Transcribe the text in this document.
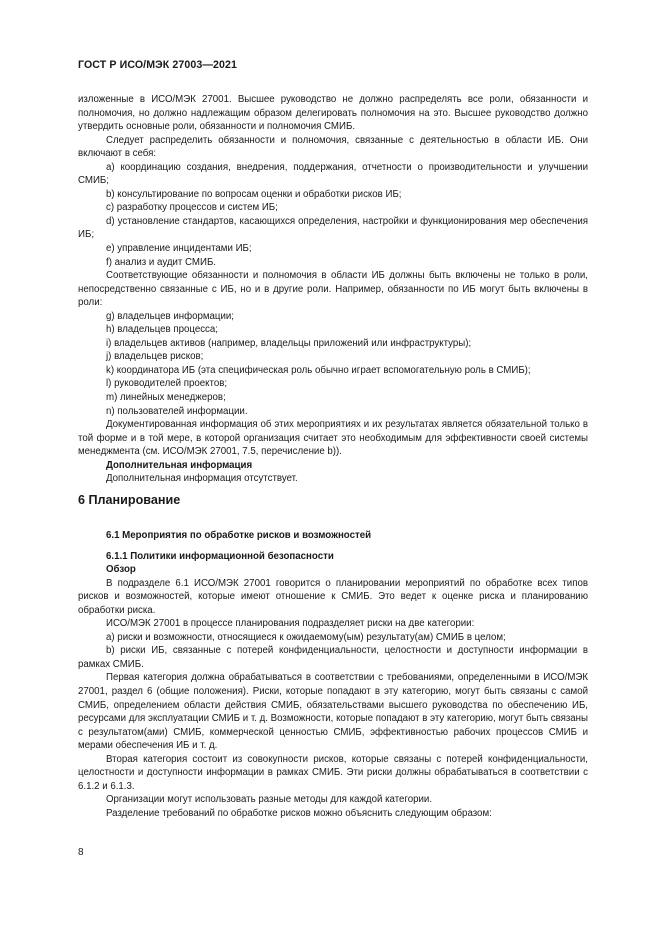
ГОСТ Р ИСО/МЭК 27003—2021

изложенные в ИСО/МЭК 27001. Высшее руководство не должно распределять все роли, обязанности и полномочия, но должно надлежащим образом делегировать полномочия на это. Высшее руководство должно утвердить основные роли, обязанности и полномочия СМИБ.

Следует распределить обязанности и полномочия, связанные с деятельностью в области ИБ. Они включают в себя:

a) координацию создания, внедрения, поддержания, отчетности о производительности и улучшении СМИБ;

b) консультирование по вопросам оценки и обработки рисков ИБ;

c) разработку процессов и систем ИБ;

d) установление стандартов, касающихся определения, настройки и функционирования мер обеспечения ИБ;

e) управление инцидентами ИБ;

f) анализ и аудит СМИБ.

Соответствующие обязанности и полномочия в области ИБ должны быть включены не только в роли, непосредственно связанные с ИБ, но и в другие роли. Например, обязанности по ИБ могут быть включены в роли:

g) владельцев информации;

h) владельцев процесса;

i) владельцев активов (например, владельцы приложений или инфраструктуры);

j) владельцев рисков;

k) координатора ИБ (эта специфическая роль обычно играет вспомогательную роль в СМИБ);

l) руководителей проектов;

m) линейных менеджеров;

n) пользователей информации.

Документированная информация об этих мероприятиях и их результатах является обязательной только в той форме и в той мере, в которой организация считает это необходимым для эффективности своей системы менеджмента (см. ИСО/МЭК 27001, 7.5, перечисление b)).

Дополнительная информация

Дополнительная информация отсутствует.

6 Планирование

6.1 Мероприятия по обработке рисков и возможностей

6.1.1 Политики информационной безопасности

Обзор

В подразделе 6.1 ИСО/МЭК 27001 говорится о планировании мероприятий по обработке всех типов рисков и возможностей, которые имеют отношение к СМИБ. Это ведет к оценке риска и планированию обработки риска.

ИСО/МЭК 27001 в процессе планирования подразделяет риски на две категории:

a) риски и возможности, относящиеся к ожидаемому(ым) результату(ам) СМИБ в целом;

b) риски ИБ, связанные с потерей конфиденциальности, целостности и доступности информации в рамках СМИБ.

Первая категория должна обрабатываться в соответствии с требованиями, определенными в ИСО/МЭК 27001, раздел 6 (общие положения). Риски, которые попадают в эту категорию, могут быть связаны с самой СМИБ, определением области действия СМИБ, обязательствами высшего руководства по обеспечению ИБ, ресурсами для эксплуатации СМИБ и т. д. Возможности, которые попадают в эту категорию, могут быть связаны с результатом(ами) СМИБ, коммерческой ценностью СМИБ, эффективностью рабочих процессов СМИБ и мерами обеспечения ИБ и т. д.

Вторая категория состоит из совокупности рисков, которые связаны с потерей конфиденциальности, целостности и доступности информации в рамках СМИБ. Эти риски должны обрабатываться в соответствии с 6.1.2 и 6.1.3.

Организации могут использовать разные методы для каждой категории.

Разделение требований по обработке рисков можно объяснить следующим образом:

8
